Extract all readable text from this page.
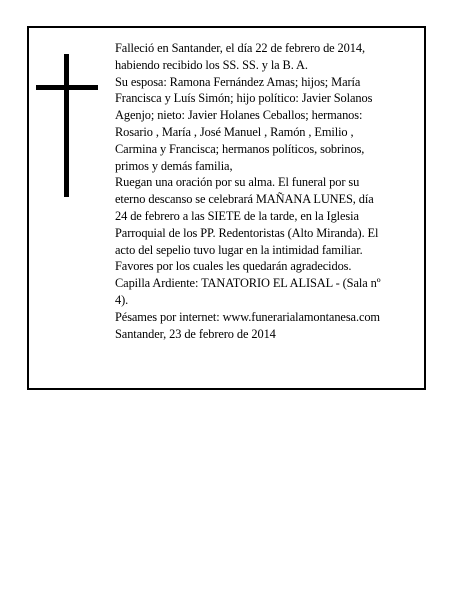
Falleció en Santander, el día 22 de febrero de 2014,
habiendo recibido los SS. SS. y la B. A.
Su esposa: Ramona Fernández Amas; hijos; María
Francisca y Luís Simón; hijo político: Javier Solanos
Agenjo; nieto: Javier Holanes Ceballos; hermanos:
Rosario , María , José Manuel , Ramón , Emilio ,
Carmina y Francisca; hermanos políticos, sobrinos,
primos y demás familia,
Ruegan una oración por su alma. El funeral por su
eterno descanso se celebrará MAÑANA LUNES, día
24 de febrero a las SIETE de la tarde, en la Iglesia
Parroquial de los PP. Redentoristas (Alto Miranda). El
acto del sepelio tuvo lugar en la intimidad familiar.
Favores por los cuales les quedarán agradecidos.
Capilla Ardiente: TANATORIO EL ALISAL - (Sala nº
4).
Pésames por internet: www.funerarialamontanesa.com
Santander, 23 de febrero de 2014
